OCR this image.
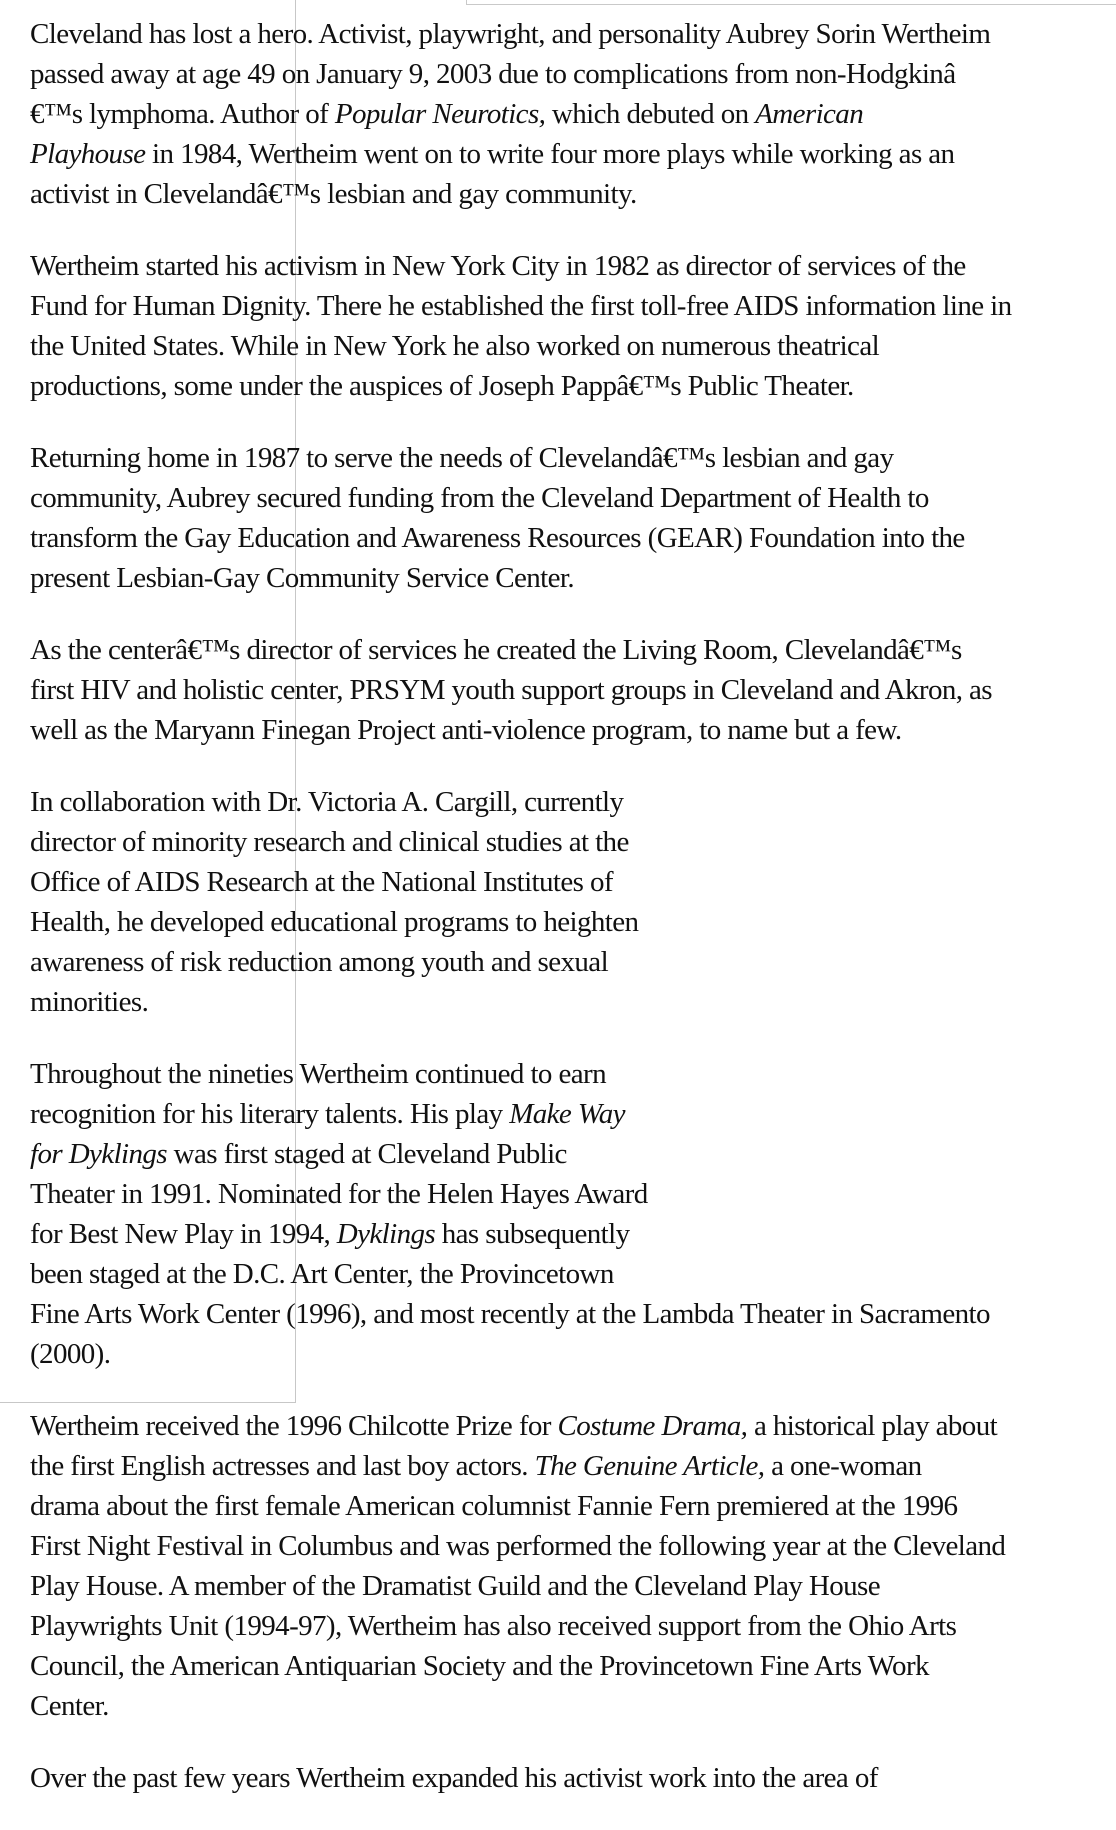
Cleveland has lost a hero. Activist, playwright, and personality Aubrey Sorin Wertheim
passed away at age 49 on January 9, 2003 due to complications from non-Hodgkinâ
€™s lymphoma. Author of Popular Neurotics, which debuted on American
Playhouse in 1984, Wertheim went on to write four more plays while working as an
activist in Clevelandâ€™s lesbian and gay community.

Wertheim started his activism in New York City in 1982 as director of services of the
Fund for Human Dignity. There he established the first toll-free AIDS information line in
the United States. While in New York he also worked on numerous theatrical
productions, some under the auspices of Joseph Pappâ€™s Public Theater.

Returning home in 1987 to serve the needs of Clevelandâ€™s lesbian and gay
community, Aubrey secured funding from the Cleveland Department of Health to
transform the Gay Education and Awareness Resources (GEAR) Foundation into the
present Lesbian-Gay Community Service Center.

As the centerâ€™s director of services he created the Living Room, Clevelandâ€™s
first HIV and holistic center, PRSYM youth support groups in Cleveland and Akron, as
well as the Maryann Finegan Project anti-violence program, to name but a few.

In collaboration with Dr. Victoria A. Cargill, currently
director of minority research and clinical studies at the
Office of AIDS Research at the National Institutes of
Health, he developed educational programs to heighten
awareness of risk reduction among youth and sexual
minorities.

Throughout the nineties Wertheim continued to earn
recognition for his literary talents. His play Make Way
for Dyklings was first staged at Cleveland Public
Theater in 1991. Nominated for the Helen Hayes Award
for Best New Play in 1994, Dyklings has subsequently
been staged at the D.C. Art Center, the Provincetown
Fine Arts Work Center (1996), and most recently at the Lambda Theater in Sacramento
(2000).

Wertheim received the 1996 Chilcotte Prize for Costume Drama, a historical play about
the first English actresses and last boy actors. The Genuine Article, a one-woman
drama about the first female American columnist Fannie Fern premiered at the 1996
First Night Festival in Columbus and was performed the following year at the Cleveland
Play House. A member of the Dramatist Guild and the Cleveland Play House
Playwrights Unit (1994-97), Wertheim has also received support from the Ohio Arts
Council, the American Antiquarian Society and the Provincetown Fine Arts Work
Center.

Over the past few years Wertheim expanded his activist work into the area of
